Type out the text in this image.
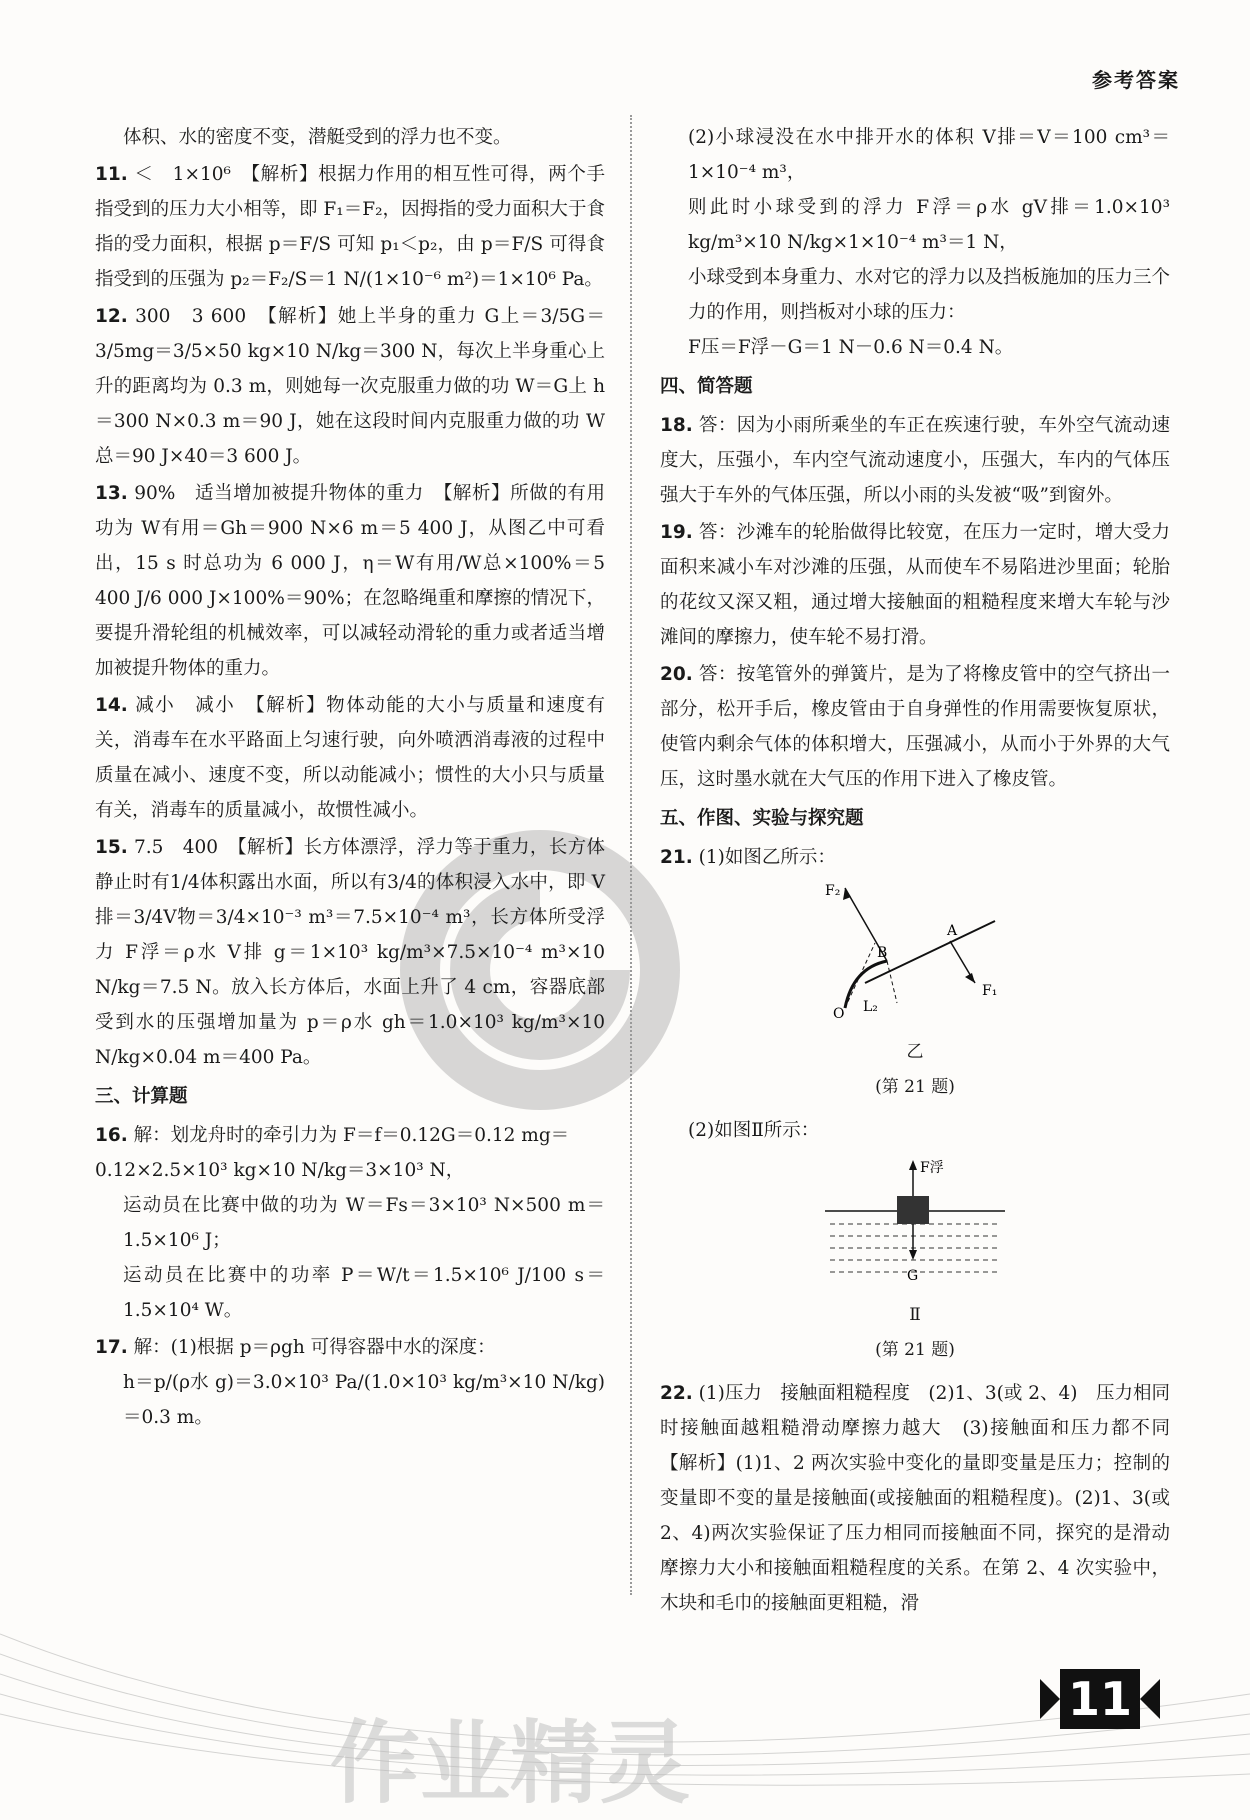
参考答案

体积、水的密度不变，潜艇受到的浮力也不变。

11. ＜　1×10⁶　【解析】根据力作用的相互性可得，两个手指受到的压力大小相等，即 F₁＝F₂，因拇指的受力面积大于食指的受力面积，根据 p＝F/S 可知 p₁＜p₂，由 p＝F/S 可得食指受到的压强为 p₂＝F₂/S＝1 N/(1×10⁻⁶ m²)＝1×10⁶ Pa。

12. 300　3 600　【解析】她上半身的重力 G上＝3/5G＝3/5mg＝3/5×50 kg×10 N/kg＝300 N，每次上半身重心上升的距离均为 0.3 m，则她每一次克服重力做的功 W＝G上 h＝300 N×0.3 m＝90 J，她在这段时间内克服重力做的功 W总＝90 J×40＝3 600 J。

13. 90%　适当增加被提升物体的重力　【解析】所做的有用功为 W有用＝Gh＝900 N×6 m＝5 400 J，从图乙中可看出，15 s 时总功为 6 000 J，η＝W有用/W总×100%＝5 400 J/6 000 J×100%＝90%；在忽略绳重和摩擦的情况下，要提升滑轮组的机械效率，可以减轻动滑轮的重力或者适当增加被提升物体的重力。

14. 减小　减小　【解析】物体动能的大小与质量和速度有关，消毒车在水平路面上匀速行驶，向外喷洒消毒液的过程中质量在减小、速度不变，所以动能减小；惯性的大小只与质量有关，消毒车的质量减小，故惯性减小。

15. 7.5　400　【解析】长方体漂浮，浮力等于重力，长方体静止时有1/4体积露出水面，所以有3/4的体积浸入水中，即 V排＝3/4V物＝3/4×10⁻³ m³＝7.5×10⁻⁴ m³，长方体所受浮力 F浮＝ρ水 V排 g＝1×10³ kg/m³×7.5×10⁻⁴ m³×10 N/kg＝7.5 N。放入长方体后，水面上升了 4 cm，容器底部受到水的压强增加量为 p＝ρ水 gh＝1.0×10³ kg/m³×10 N/kg×0.04 m＝400 Pa。

三、计算题

16. 解：划龙舟时的牵引力为 F＝f＝0.12G＝0.12 mg＝0.12×2.5×10³ kg×10 N/kg＝3×10³ N，

运动员在比赛中做的功为 W＝Fs＝3×10³ N×500 m＝1.5×10⁶ J；

运动员在比赛中的功率 P＝W/t＝1.5×10⁶ J/100 s＝1.5×10⁴ W。

17. 解：(1)根据 p＝ρgh 可得容器中水的深度：

h＝p/(ρ水 g)＝3.0×10³ Pa/(1.0×10³ kg/m³×10 N/kg)＝0.3 m。

(2)小球浸没在水中排开水的体积 V排＝V＝100 cm³＝1×10⁻⁴ m³，

则此时小球受到的浮力 F浮＝ρ水 gV排＝1.0×10³ kg/m³×10 N/kg×1×10⁻⁴ m³＝1 N，

小球受到本身重力、水对它的浮力以及挡板施加的压力三个力的作用，则挡板对小球的压力：

F压＝F浮－G＝1 N－0.6 N＝0.4 N。

四、简答题

18. 答：因为小雨所乘坐的车正在疾速行驶，车外空气流动速度大，压强小，车内空气流动速度小，压强大，车内的气体压强大于车外的气体压强，所以小雨的头发被“吸”到窗外。

19. 答：沙滩车的轮胎做得比较宽，在压力一定时，增大受力面积来减小车对沙滩的压强，从而使车不易陷进沙里面；轮胎的花纹又深又粗，通过增大接触面的粗糙程度来增大车轮与沙滩间的摩擦力，使车轮不易打滑。

20. 答：按笔管外的弹簧片，是为了将橡皮管中的空气挤出一部分，松开手后，橡皮管由于自身弹性的作用需要恢复原状，使管内剩余气体的体积增大，压强减小，从而小于外界的大气压，这时墨水就在大气压的作用下进入了橡皮管。

五、作图、实验与探究题

21. (1)如图乙所示：

F₂
F₁
A
B
O L₂
乙
(第 21 题)

(2)如图Ⅱ所示：

F浮
G
Ⅱ
(第 21 题)

22. (1)压力　接触面粗糙程度　(2)1、3(或 2、4)　压力相同时接触面越粗糙滑动摩擦力越大　(3)接触面和压力都不同　【解析】(1)1、2 两次实验中变化的量即变量是压力；控制的变量即不变的量是接触面(或接触面的粗糙程度)。(2)1、3(或 2、4)两次实验保证了压力相同而接触面不同，探究的是滑动摩擦力大小和接触面粗糙程度的关系。在第 2、4 次实验中，木块和毛巾的接触面更粗糙，滑

作业精灵
11
